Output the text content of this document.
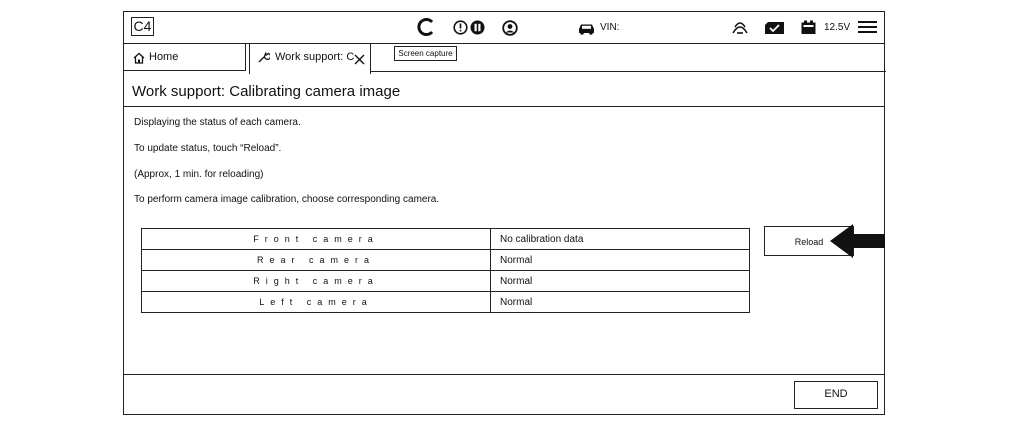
C4	VIN:	12.5V
Home	Work support: C	Screen capture
Work support: Calibrating camera image
Displaying the status of each camera.
To update status, touch “Reload”.
(Approx, 1 min. for reloading)
To perform camera image calibration, choose corresponding camera.
Front camera	No calibration data
Rear camera	Normal
Right camera	Normal
Left camera	Normal
Reload
END
